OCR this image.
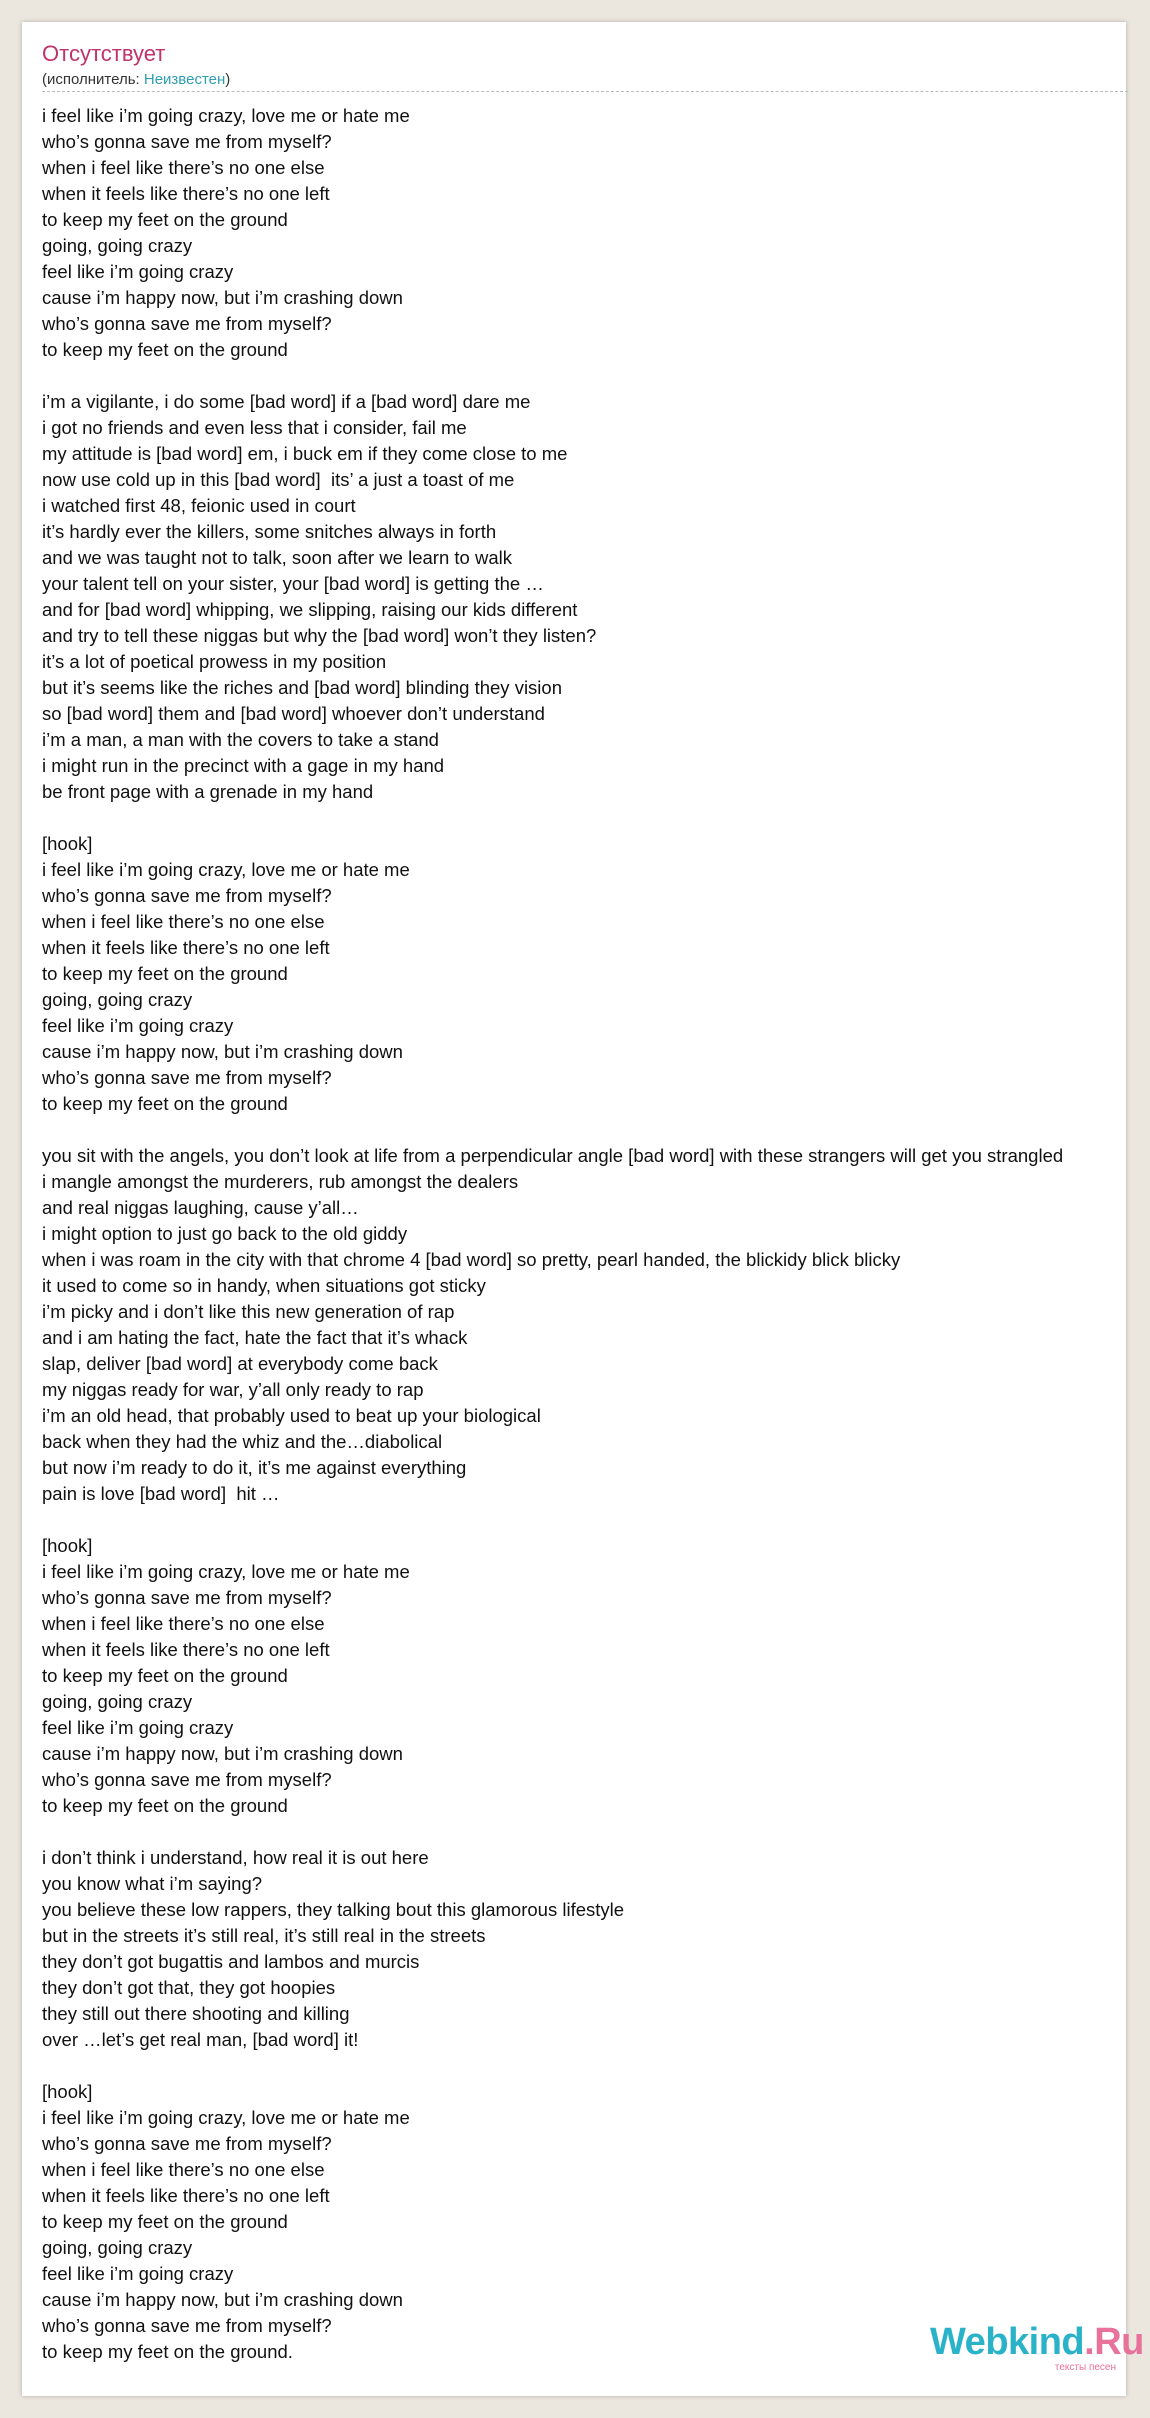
Отсутствует
(исполнитель: Неизвестен)
i feel like i’m going crazy, love me or hate me
who’s gonna save me from myself?
when i feel like there’s no one else
when it feels like there’s no one left
to keep my feet on the ground
going, going crazy
feel like i’m going crazy
cause i’m happy now, but i’m crashing down
who’s gonna save me from myself?
to keep my feet on the ground

i’m a vigilante, i do some [bad word] if a [bad word] dare me
i got no friends and even less that i consider, fail me
my attitude is [bad word] em, i buck em if they come close to me
now use cold up in this [bad word]  its’ a just a toast of me
i watched first 48, feionic used in court
it’s hardly ever the killers, some snitches always in forth
and we was taught not to talk, soon after we learn to walk
your talent tell on your sister, your [bad word] is getting the …
and for [bad word] whipping, we slipping, raising our kids different
and try to tell these niggas but why the [bad word] won’t they listen?
it’s a lot of poetical prowess in my position
but it’s seems like the riches and [bad word] blinding they vision
so [bad word] them and [bad word] whoever don’t understand
i’m a man, a man with the covers to take a stand
i might run in the precinct with a gage in my hand
be front page with a grenade in my hand

[hook]
i feel like i’m going crazy, love me or hate me
who’s gonna save me from myself?
when i feel like there’s no one else
when it feels like there’s no one left
to keep my feet on the ground
going, going crazy
feel like i’m going crazy
cause i’m happy now, but i’m crashing down
who’s gonna save me from myself?
to keep my feet on the ground

you sit with the angels, you don’t look at life from a perpendicular angle [bad word] with these strangers will get you strangled
i mangle amongst the murderers, rub amongst the dealers
and real niggas laughing, cause y’all…
i might option to just go back to the old giddy
when i was roam in the city with that chrome 4 [bad word] so pretty, pearl handed, the blickidy blick blicky
it used to come so in handy, when situations got sticky
i’m picky and i don’t like this new generation of rap
and i am hating the fact, hate the fact that it’s whack
slap, deliver [bad word] at everybody come back
my niggas ready for war, y’all only ready to rap
i’m an old head, that probably used to beat up your biological
back when they had the whiz and the…diabolical
but now i’m ready to do it, it’s me against everything
pain is love [bad word]  hit …

[hook]
i feel like i’m going crazy, love me or hate me
who’s gonna save me from myself?
when i feel like there’s no one else
when it feels like there’s no one left
to keep my feet on the ground
going, going crazy
feel like i’m going crazy
cause i’m happy now, but i’m crashing down
who’s gonna save me from myself?
to keep my feet on the ground

i don’t think i understand, how real it is out here
you know what i’m saying?
you believe these low rappers, they talking bout this glamorous lifestyle
but in the streets it’s still real, it’s still real in the streets
they don’t got bugattis and lambos and murcis
they don’t got that, they got hoopies
they still out there shooting and killing
over …let’s get real man, [bad word] it!

[hook]
i feel like i’m going crazy, love me or hate me
who’s gonna save me from myself?
when i feel like there’s no one else
when it feels like there’s no one left
to keep my feet on the ground
going, going crazy
feel like i’m going crazy
cause i’m happy now, but i’m crashing down
who’s gonna save me from myself?
to keep my feet on the ground.	Webkind.Ru
тексты песен
